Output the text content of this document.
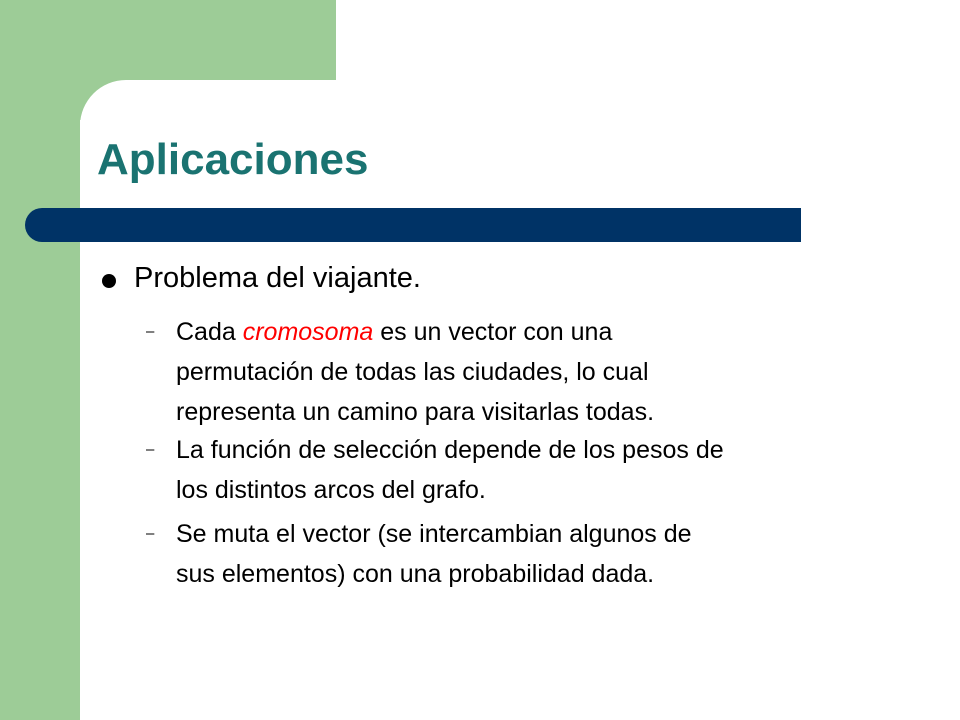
Aplicaciones
Problema del viajante.
– Cada cromosoma es un vector con una
permutación de todas las ciudades, lo cual
representa un camino para visitarlas todas.
– La función de selección depende de los pesos de
los distintos arcos del grafo.
– Se muta el vector (se intercambian algunos de
sus elementos) con una probabilidad dada.
